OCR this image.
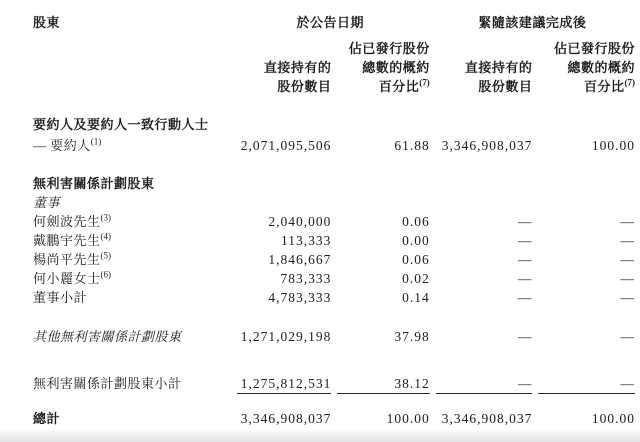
股東	於公告日期		緊隨該建議完成後	
		佔已發行股份		佔已發行股份
	直接持有的	總數的概約	直接持有的	總數的概約
	股份數目	百分比$^{(7)}$	股份數目	百分比$^{(7)}$
要約人及要約人一致行動人士				
— 要約人$^{(1)}$	2,071,095,506	61.88	3,346,908,037	100.00
無利害關係計劃股東				
董事				
何劍波先生$^{(3)}$	2,040,000	0.06	—	—
戴鵬宇先生$^{(4)}$	113,333	0.00	—	—
楊尚平先生$^{(5)}$	1,846,667	0.06	—	—
何小麗女士$^{(6)}$	783,333	0.02	—	—
董事小計	4,783,333	0.14	—	—
其他無利害關係計劃股東	1,271,029,198	37.98	—	—
無利害關係計劃股東小計	1,275,812,531	38.12	—	—

總計	3,346,908,037	100.00	3,346,908,037	100.00
